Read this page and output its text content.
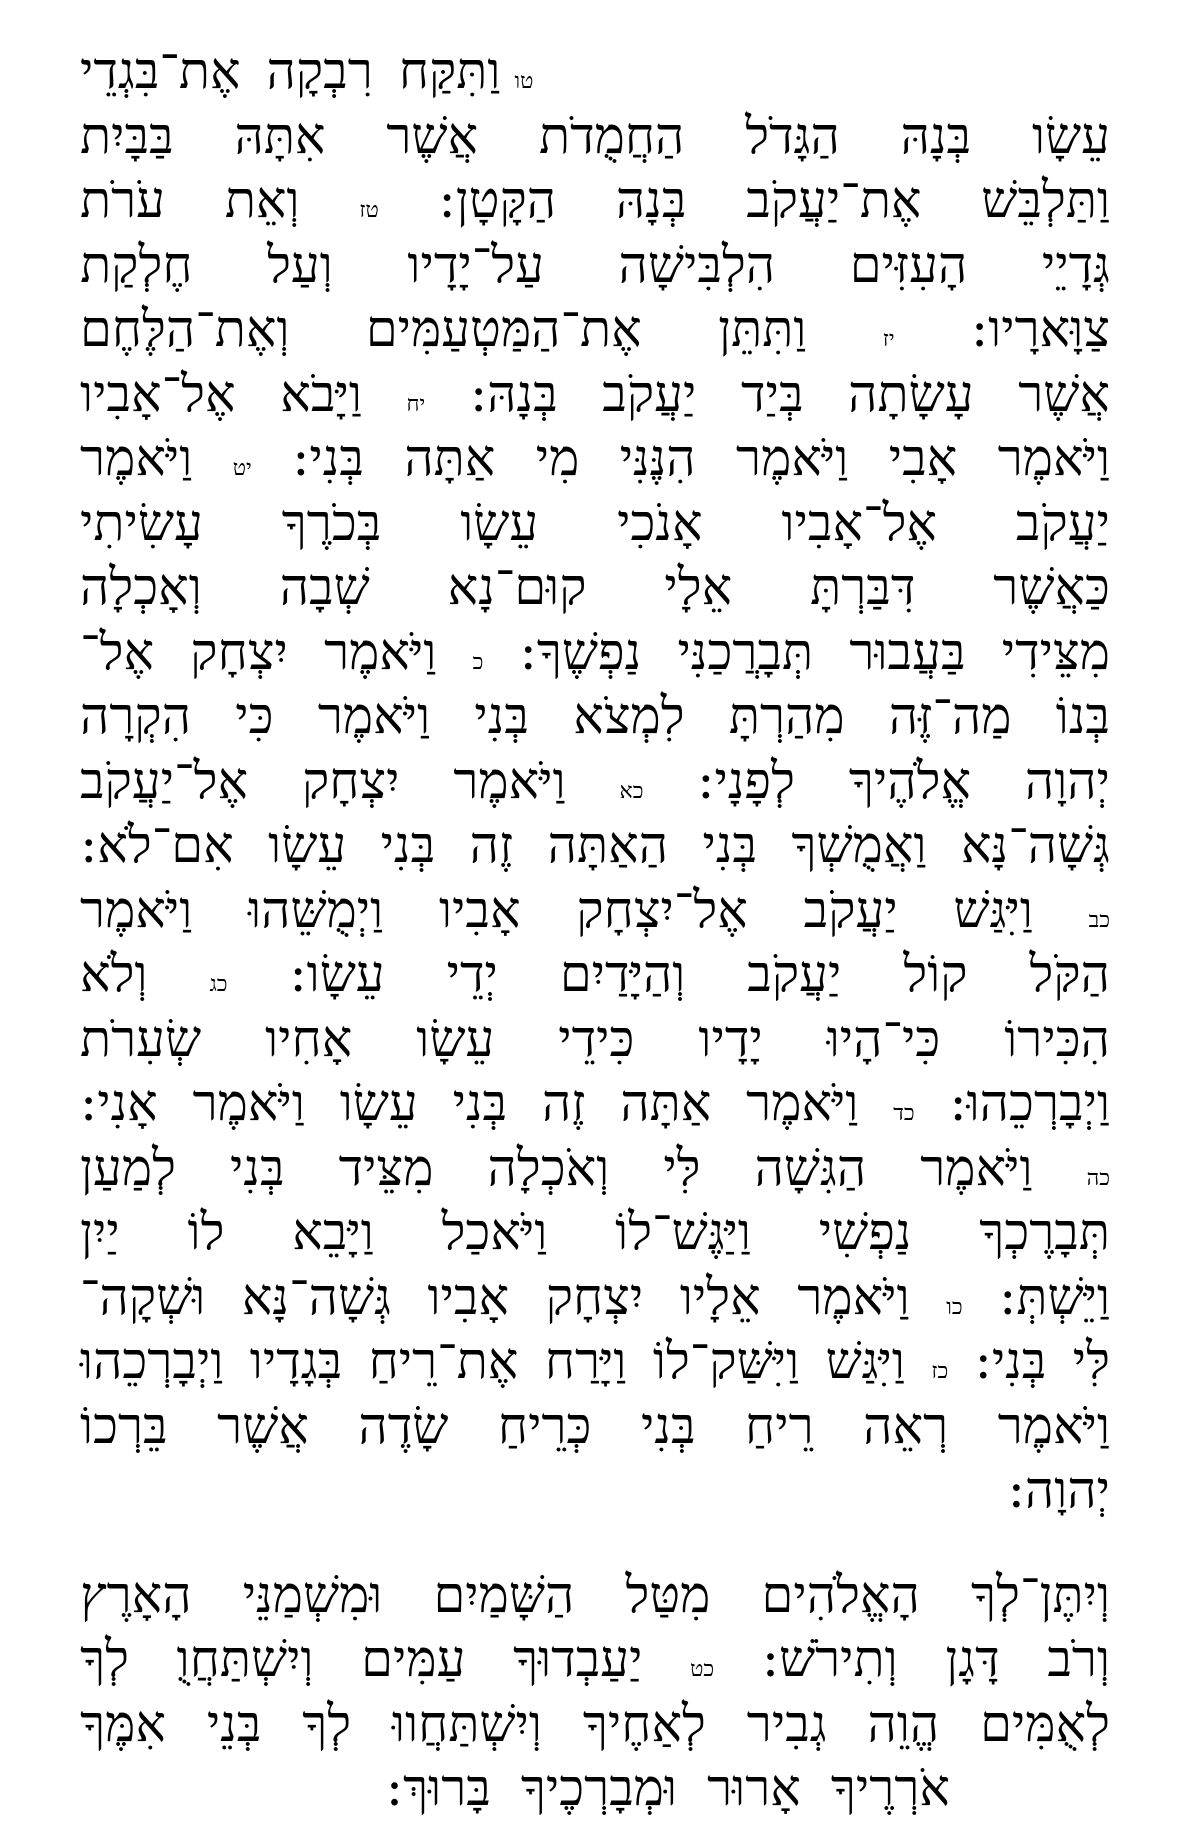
טו
וַתִּקַּח
רִבְקָה
אֶת־בִּגְדֵי
עֵשָׂו
בְּנָהּ
הַגָּדֹל
הַחֲמֻדֹת
אֲשֶׁר
אִתָּהּ
בַּבָּיִת
וַתַּלְבֵּשׁ
אֶת־יַעֲקֹב
בְּנָהּ
הַקָּטָן:
טז
וְאֵת
עֹרֹת
גְּדָיֵי
הָעִזִּים
הִלְבִּישָׁה
עַל־יָדָיו
וְעַל
חֶלְקַת
צַוָּארָיו:
יז
וַתִּתֵּן
אֶת־הַמַּטְעַמִּים
וְאֶת־הַלֶּחֶם
אֲשֶׁר
עָשָׂתָה
בְּיַד
יַעֲקֹב
בְּנָהּ:
יח
וַיָּבֹא
אֶל־אָבִיו
וַיֹּאמֶר
אָבִי
וַיֹּאמֶר
הִנֶּנִּי
מִי
אַתָּה
בְּנִי:
יט
וַיֹּאמֶר
יַעֲקֹב
אֶל־אָבִיו
אָנֹכִי
עֵשָׂו
בְּכֹרֶךָ
עָשִׂיתִי
כַּאֲשֶׁר
דִּבַּרְתָּ
אֵלָי
קוּם־נָא
שְׁבָה
וְאָכְלָה
מִצֵּידִי
בַּעֲבוּר
תְּבָרֲכַנִּי
נַפְשֶׁךָ:
כ
וַיֹּאמֶר
יִצְחָק
אֶל־
בְּנוֹ
מַה־זֶּה
מִהַרְתָּ
לִמְצֹא
בְּנִי
וַיֹּאמֶר
כִּי
הִקְרָה
יְהוָה
אֱלֹהֶיךָ
לְפָנָי:
כא
וַיֹּאמֶר
יִצְחָק
אֶל־יַעֲקֹב
גְּשָׁה־נָּא
וַאֲמֻשְׁךָ
בְּנִי
הַאַתָּה
זֶה
בְּנִי
עֵשָׂו
אִם־לֹא:
כב
וַיִּגַּשׁ
יַעֲקֹב
אֶל־יִצְחָק
אָבִיו
וַיְמֻשֵּׁהוּ
וַיֹּאמֶר
הַקֹּל
קוֹל
יַעֲקֹב
וְהַיָּדַיִם
יְדֵי
עֵשָׂו:
כג
וְלֹא
הִכִּירוֹ
כִּי־הָיוּ
יָדָיו
כִּידֵי
עֵשָׂו
אָחִיו
שְׂעִרֹת
וַיְבָרְכֵהוּ:
כד
וַיֹּאמֶר
אַתָּה
זֶה
בְּנִי
עֵשָׂו
וַיֹּאמֶר
אָנִי:
כה
וַיֹּאמֶר
הַגִּשָׁה
לִּי
וְאֹכְלָה
מִצֵּיד
בְּנִי
לְמַעַן
תְּבָרֶכְךָ
נַפְשִׁי
וַיַּגֶּשׁ־לוֹ
וַיֹּאכַל
וַיָּבֵא
לוֹ
יַיִן
וַיֵּשְׁתְּ:
כו
וַיֹּאמֶר
אֵלָיו
יִצְחָק
אָבִיו
גְּשָׁה־נָּא
וּשְׁקָה־
לִּי
בְּנִי:
כז
וַיִּגַּשׁ
וַיִּשַּׁק־לוֹ
וַיָּרַח
אֶת־רֵיחַ
בְּגָדָיו
וַיְבָרְכֵהוּ
וַיֹּאמֶר
רְאֵה
רֵיחַ
בְּנִי
כְּרֵיחַ
שָׂדֶה
אֲשֶׁר
בֵּרְכוֹ
יְהוָה:
וְיִתֶּן־לְךָ
הָאֱלֹהִים
מִטַּל
הַשָּׁמַיִם
וּמִשְׁמַנֵּי
הָאָרֶץ
וְרֹב
דָּגָן
וְתִירֹשׁ:
כט
יַעַבְדוּךָ
עַמִּים
וְיִשְׁתַּחֲוֻ
לְךָ
לְאֻמִּים
הֱוֵה
גְבִיר
לְאַחֶיךָ
וְיִשְׁתַּחֲווּ
לְךָ
בְּנֵי
אִמֶּךָ
אֹרְרֶיךָ
אָרוּר
וּמְבָרְכֶיךָ
בָּרוּךְ:
